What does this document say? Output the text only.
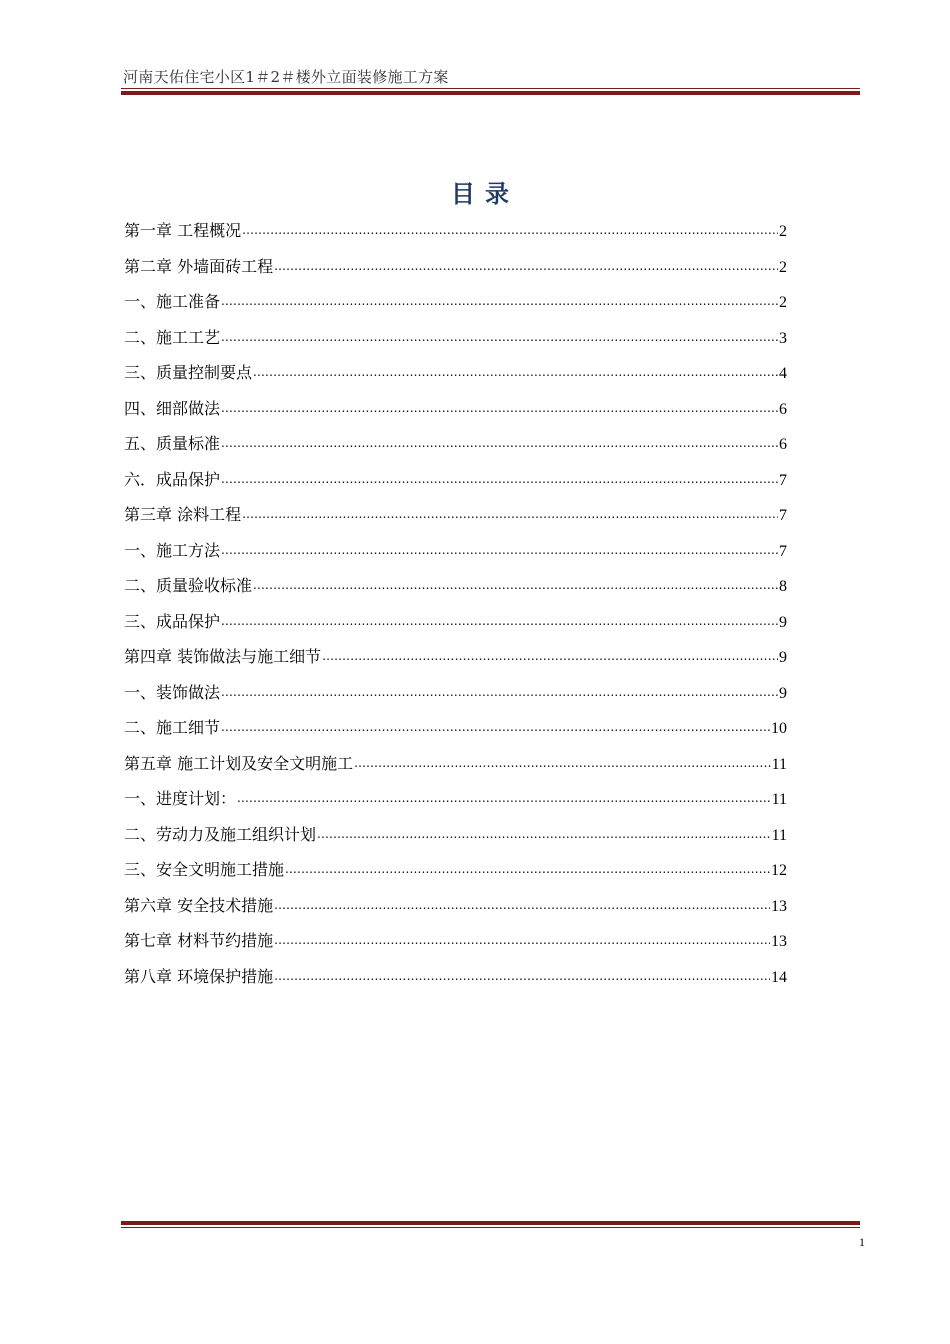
河南天佑住宅小区1＃2＃楼外立面装修施工方案
目录
第一章 工程概况 .....	2
第二章 外墙面砖工程 .....	2
一、施工准备 .....	2
二、施工工艺 .....	3
三、质量控制要点 .....	4
四、细部做法 .....	6
五、质量标准 .....	6
六．成品保护 .....	7
第三章 涂料工程 .....	7
一、施工方法 .....	7
二、质量验收标准 .....	8
三、成品保护 .....	9
第四章 装饰做法与施工细节 .....	9
一、装饰做法 .....	9
二、施工细节 .....	10
第五章 施工计划及安全文明施工 .....	11
一、进度计划： .....	11
二、劳动力及施工组织计划 .....	11
三、安全文明施工措施 .....	12
第六章 安全技术措施 .....	13
第七章 材料节约措施 .....	13
第八章 环境保护措施 .....	14
1
